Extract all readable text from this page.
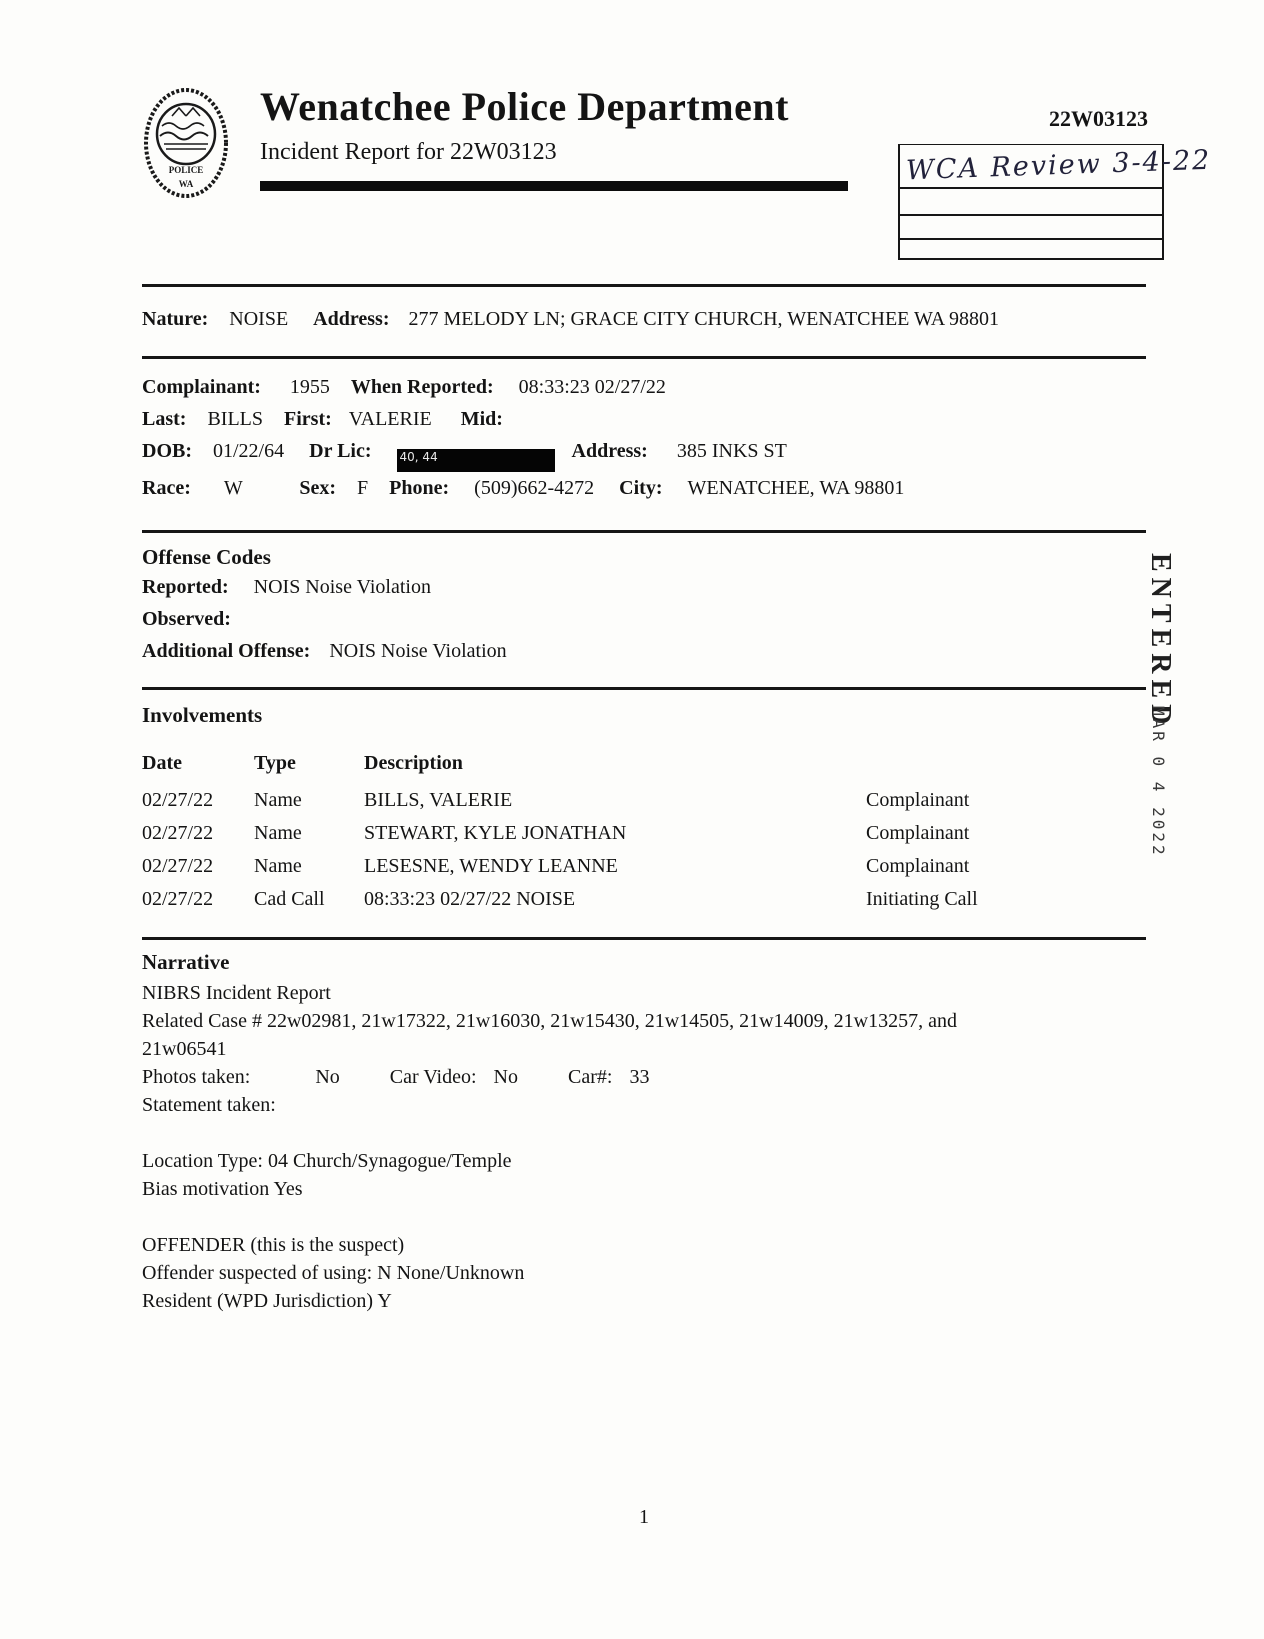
POLICE
WA
Wenatchee Police Department
Incident Report for 22W03123
Nature: NOISE Address: 277 MELODY LN; GRACE CITY CHURCH, WENATCHEE WA 98801
Complainant: 1955 When Reported: 08:33:23 02/27/22
Last: BILLS First: VALERIE Mid:
DOB: 01/22/64 Dr Lic: 40, 44	Address: 385 INKS ST
Race: W	Sex: F Phone: (509)662-4272 City: WENATCHEE, WA 98801
Offense Codes
Reported: NOIS Noise Violation
Observed:
Additional Offense: NOIS Noise Violation
Involvements
Date	Type	Description
02/27/22	Name	BILLS, VALERIE	Complainant
02/27/22	Name	STEWART, KYLE JONATHAN	Complainant
02/27/22	Name	LESESNE, WENDY LEANNE	Complainant
02/27/22	Cad Call	08:33:23 02/27/22 NOISE	Initiating Call
Narrative
NIBRS Incident Report
Related Case # 22w02981, 21w17322, 21w16030, 21w15430, 21w14505, 21w14009, 21w13257, and
21w06541
Photos taken:	No	Car Video: No	Car#: 33
Statement taken:
Location Type: 04 Church/Synagogue/Temple
Bias motivation Yes
OFFENDER (this is the suspect)
Offender suspected of using: N None/Unknown
Resident (WPD Jurisdiction) Y
22W03123
WCA Review 3-4-22
ENTERED
MAR 0 4 2022
1
